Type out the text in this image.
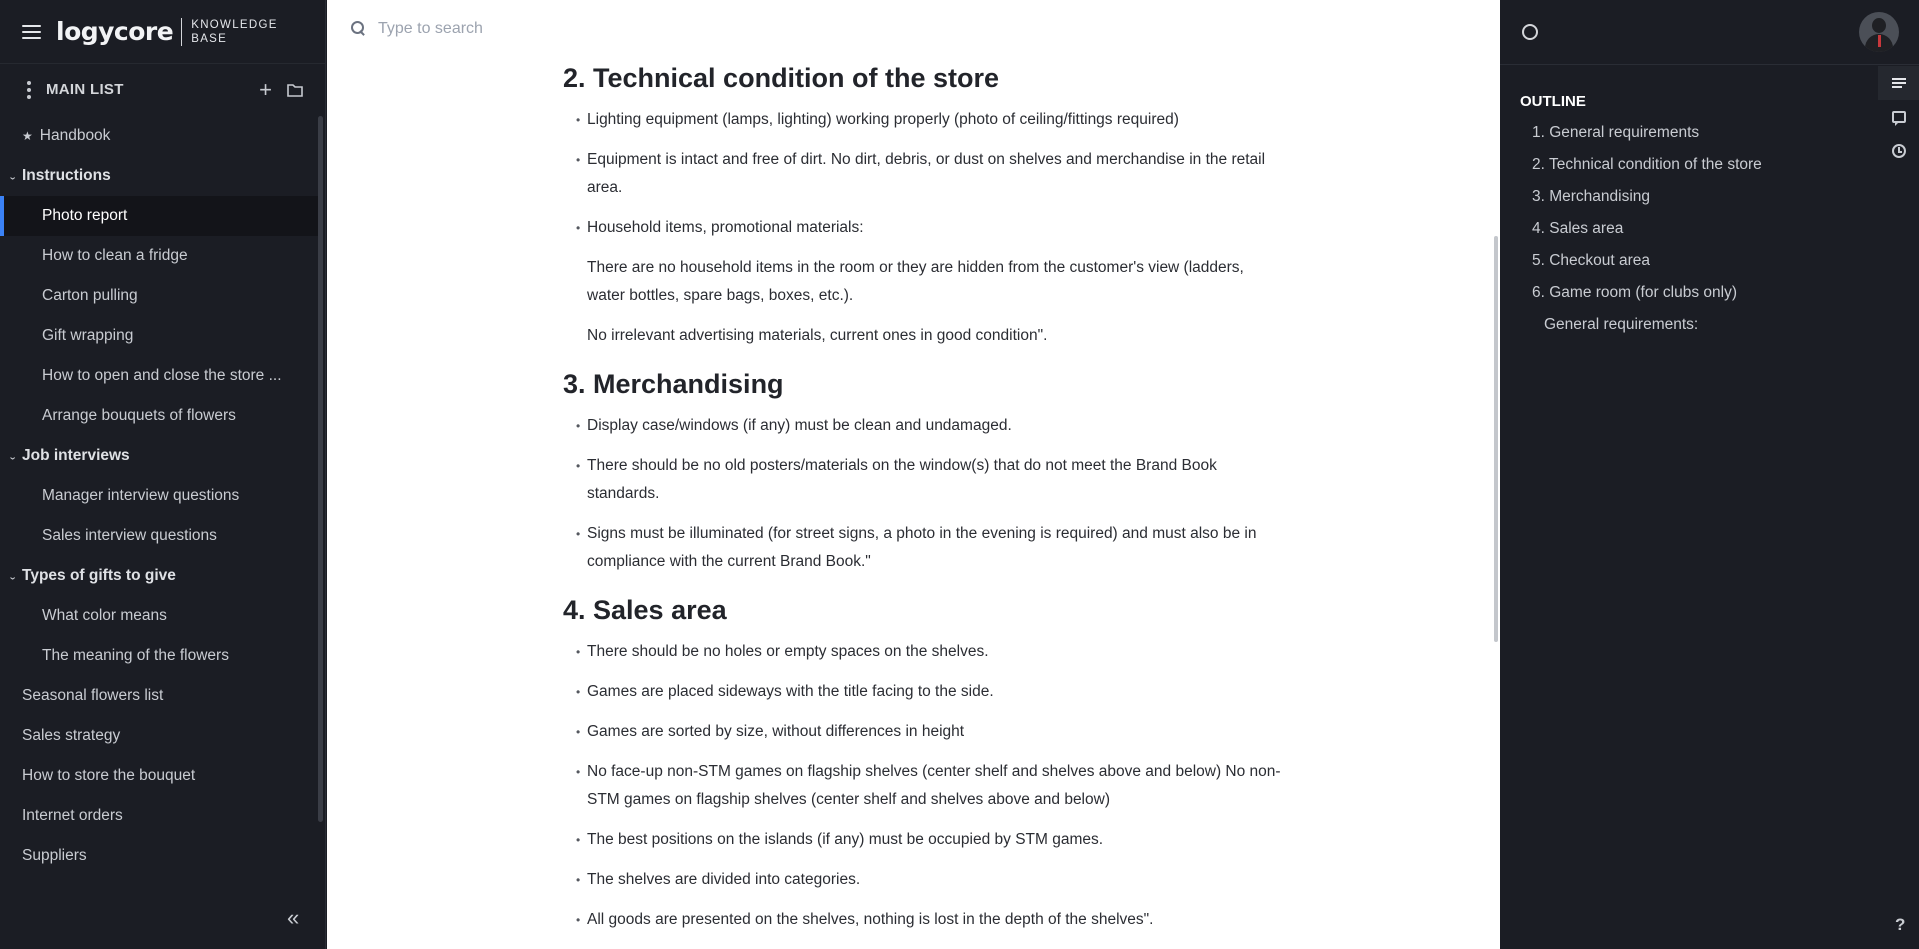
logycore KNOWLEDGE BASE
MAIN LIST	+
★ Handbook
⌄ Instructions
Photo report
How to clean a fridge
Carton pulling
Gift wrapping
How to open and close the store ...
Arrange bouquets of flowers
⌄ Job interviews
Manager interview questions
Sales interview questions
⌄ Types of gifts to give
What color means
The meaning of the flowers
Seasonal flowers list
Sales strategy
How to store the bouquet
Internet orders
Suppliers
«
Type to search
2. Technical condition of the store
• Lighting equipment (lamps, lighting) working properly (photo of ceiling/fittings required)
• Equipment is intact and free of dirt. No dirt, debris, or dust on shelves and merchandise in the retail area.
• Household items, promotional materials:

There are no household items in the room or they are hidden from the customer's view (ladders, water bottles, spare bags, boxes, etc.).

No irrelevant advertising materials, current ones in good condition".

3. Merchandising
• Display case/windows (if any) must be clean and undamaged.
• There should be no old posters/materials on the window(s) that do not meet the Brand Book standards.
• Signs must be illuminated (for street signs, a photo in the evening is required) and must also be in compliance with the current Brand Book."
4. Sales area
• There should be no holes or empty spaces on the shelves.
• Games are placed sideways with the title facing to the side.
• Games are sorted by size, without differences in height
• No face-up non-STM games on flagship shelves (center shelf and shelves above and below) No non-STM games on flagship shelves (center shelf and shelves above and below)
• The best positions on the islands (if any) must be occupied by STM games.
• The shelves are divided into categories.
• All goods are presented on the shelves, nothing is lost in the depth of the shelves".
OUTLINE
1. General requirements
2. Technical condition of the store
3. Merchandising
4. Sales area
5. Checkout area
6. Game room (for clubs only)
General requirements:
?
